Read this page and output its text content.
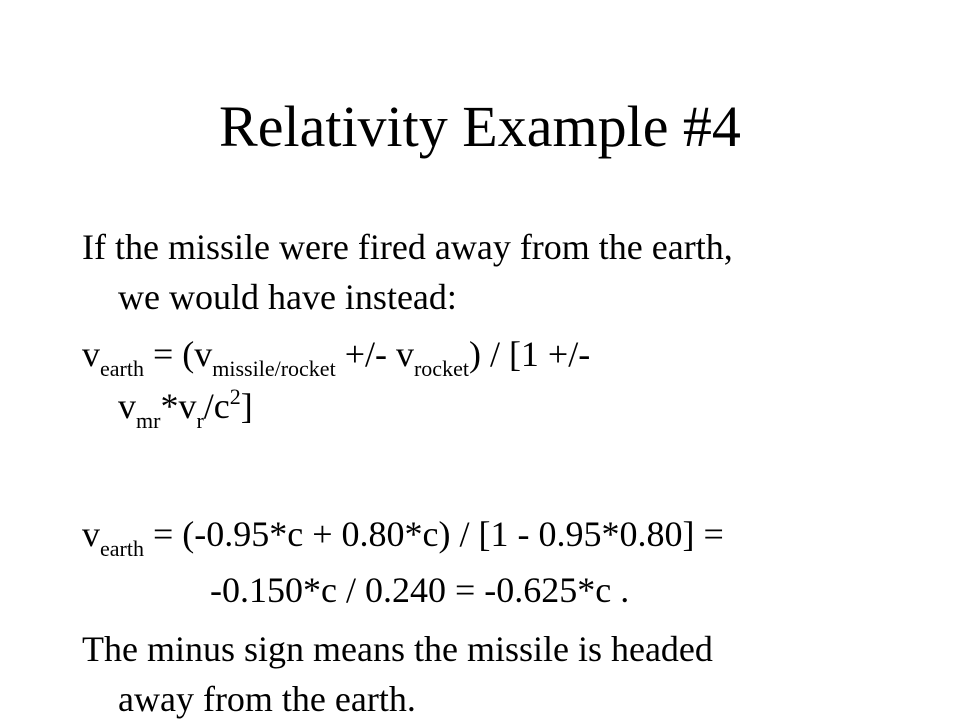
Relativity Example #4
If the missile were fired away from the earth,
we would have instead:
$v_{earth} = (v_{missile/rocket}$ +/- $v_{rocket}) / [1$ +/-
$v_{mr}*v_r/c^2$]
$v_{earth} = (-0.95*c + 0.80*c) / [1 - 0.95*0.80]$ =
-0.150*c / 0.240 = -0.625*c .
The minus sign means the missile is headed
away from the earth.
